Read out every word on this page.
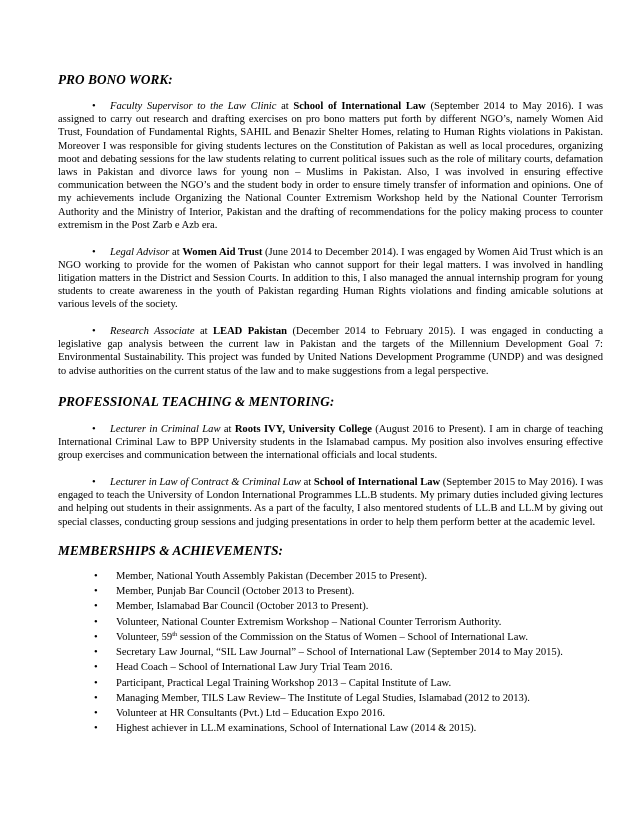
PRO BONO WORK:

• Faculty Supervisor to the Law Clinic at School of International Law (September 2014 to May 2016). I was assigned to carry out research and drafting exercises on pro bono matters put forth by different NGO’s, namely Women Aid Trust, Foundation of Fundamental Rights, SAHIL and Benazir Shelter Homes, relating to Human Rights violations in Pakistan. Moreover I was responsible for giving students lectures on the Constitution of Pakistan as well as local procedures, organizing moot and debating sessions for the law students relating to current political issues such as the role of military courts, defamation laws in Pakistan and divorce laws for young non – Muslims in Pakistan. Also, I was involved in ensuring effective communication between the NGO’s and the student body in order to ensure timely transfer of information and opinions. One of my achievements include Organizing the National Counter Extremism Workshop held by the National Counter Terrorism Authority and the Ministry of Interior, Pakistan and the drafting of recommendations for the policy making process to counter extremism in the Post Zarb e Azb era.

• Legal Advisor at Women Aid Trust (June 2014 to December 2014). I was engaged by Women Aid Trust which is an NGO working to provide for the women of Pakistan who cannot support for their legal matters. I was involved in handling litigation matters in the District and Session Courts. In addition to this, I also managed the annual internship program for young students to create awareness in the youth of Pakistan regarding Human Rights violations and finding amicable solutions at various levels of the society.

• Research Associate at LEAD Pakistan (December 2014 to February 2015). I was engaged in conducting a legislative gap analysis between the current law in Pakistan and the targets of the Millennium Development Goal 7: Environmental Sustainability. This project was funded by United Nations Development Programme (UNDP) and was designed to advise authorities on the current status of the law and to make suggestions from a legal perspective.

PROFESSIONAL TEACHING & MENTORING:

• Lecturer in Criminal Law at Roots IVY, University College (August 2016 to Present). I am in charge of teaching International Criminal Law to BPP University students in the Islamabad campus. My position also involves ensuring effective group exercises and communication between the international officials and local students.

• Lecturer in Law of Contract & Criminal Law at School of International Law (September 2015 to May 2016). I was engaged to teach the University of London International Programmes LL.B students. My primary duties included giving lectures and helping out students in their assignments. As a part of the faculty, I also mentored students of LL.B and LL.M by giving out special classes, conducting group sessions and judging presentations in order to help them perform better at the academic level.

MEMBERSHIPS & ACHIEVEMENTS:
• Member, National Youth Assembly Pakistan (December 2015 to Present).
• Member, Punjab Bar Council (October 2013 to Present).
• Member, Islamabad Bar Council (October 2013 to Present).
• Volunteer, National Counter Extremism Workshop – National Counter Terrorism Authority.
• Volunteer, 59th session of the Commission on the Status of Women – School of International Law.
• Secretary Law Journal, “SIL Law Journal” – School of International Law (September 2014 to May 2015).
• Head Coach – School of International Law Jury Trial Team 2016.
• Participant, Practical Legal Training Workshop 2013 – Capital Institute of Law.
• Managing Member, TILS Law Review– The Institute of Legal Studies, Islamabad (2012 to 2013).
• Volunteer at HR Consultants (Pvt.) Ltd – Education Expo 2016.
• Highest achiever in LL.M examinations, School of International Law (2014 & 2015).
